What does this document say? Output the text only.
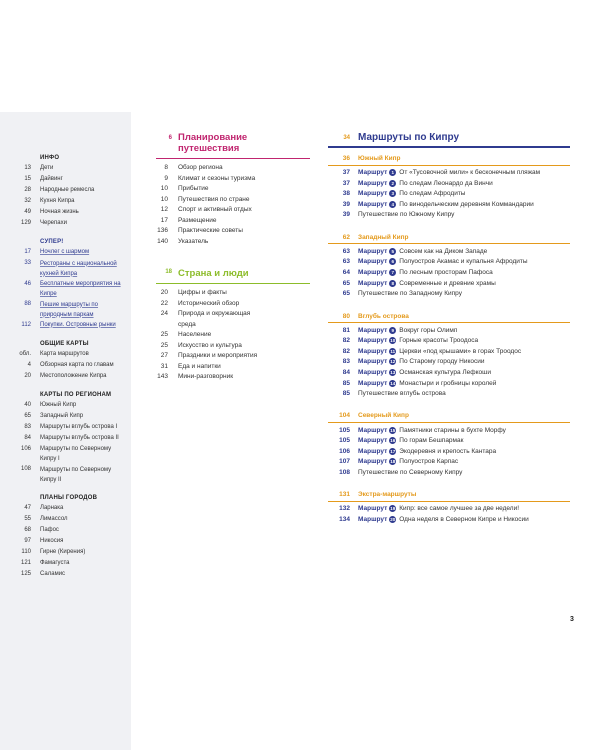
ИНФО
13	Дети
15	Дайвинг
28	Народные ремесла
32	Кухня Кипра
49	Ночная жизнь
129	Черепахи
СУПЕР!
17	Ночлег с шармом
33	Рестораны с национальной кухней Кипра
46	Бесплатные мероприятия на Кипре
88	Пешие маршруты по природным паркам
112	Покупки. Островные рынки
ОБЩИЕ КАРТЫ
обл.	Карта маршрутов
4	Обзорная карта по главам
20	Местоположение Кипра
КАРТЫ ПО РЕГИОНАМ
40	Южный Кипр
65	Западный Кипр
83	Маршруты вглубь острова I
84	Маршруты вглубь острова II
106	Маршруты по Северному Кипру I
108	Маршруты по Северному Кипру II
ПЛАНЫ ГОРОДОВ
47	Ларнака
55	Лимассол
68	Пафос
97	Никосия
110	Гирне (Кирения)
121	Фамагуста
125	Саламис
6 Планирование
путешествия
8	Обзор региона
9	Климат и сезоны туризма
10	Прибытие
10	Путешествия по стране
12	Спорт и активный отдых
17	Размещение
136	Практические советы
140	Указатель
18 Страна и люди
20	Цифры и факты
22	Исторический обзор
24	Природа и окружающая
среда
25	Население
25	Искусство и культура
27	Праздники и мероприятия
31	Еда и напитки
143	Мини-разговорник
34 Маршруты по Кипру
36	Южный Кипр
37	Маршрут 1 От «Тусовочной мили» к бесконечным пляжам
37	Маршрут 2 По следам Леонардо да Винчи
38	Маршрут 3 По следам Афродиты
39	Маршрут 4 По винодельческим деревням Коммандарии
39	Путешествие по Южному Кипру
62	Западный Кипр
63	Маршрут 5 Совсем как на Диком Западе
63	Маршрут 6 Полуостров Акамас и купальня Афродиты
64	Маршрут 7 По лесным просторам Пафоса
65	Маршрут 8 Современные и древние храмы
65	Путешествие по Западному Кипру
80	Вглубь острова
81	Маршрут 9 Вокруг горы Олимп
82	Маршрут 10 Горные красоты Троодоса
82	Маршрут 11 Церкви «под крышами» в горах Троодос
83	Маршрут 12 По Старому городу Никосии
84	Маршрут 13 Османская культура Лефкоши
85	Маршрут 14 Монастыри и гробницы королей
85	Путешествие вглубь острова
104	Северный Кипр
105	Маршрут 15 Памятники старины в бухте Морфу
105	Маршрут 16 По горам Бешпармак
106	Маршрут 17 Экодеревня и крепость Кантара
107	Маршрут 18 Полуостров Карпас
108	Путешествие по Северному Кипру
131	Экстра-маршруты
132	Маршрут 19 Кипр: все самое лучшее за две недели!
134	Маршрут 20 Одна неделя в Северном Кипре и Никосии
3
